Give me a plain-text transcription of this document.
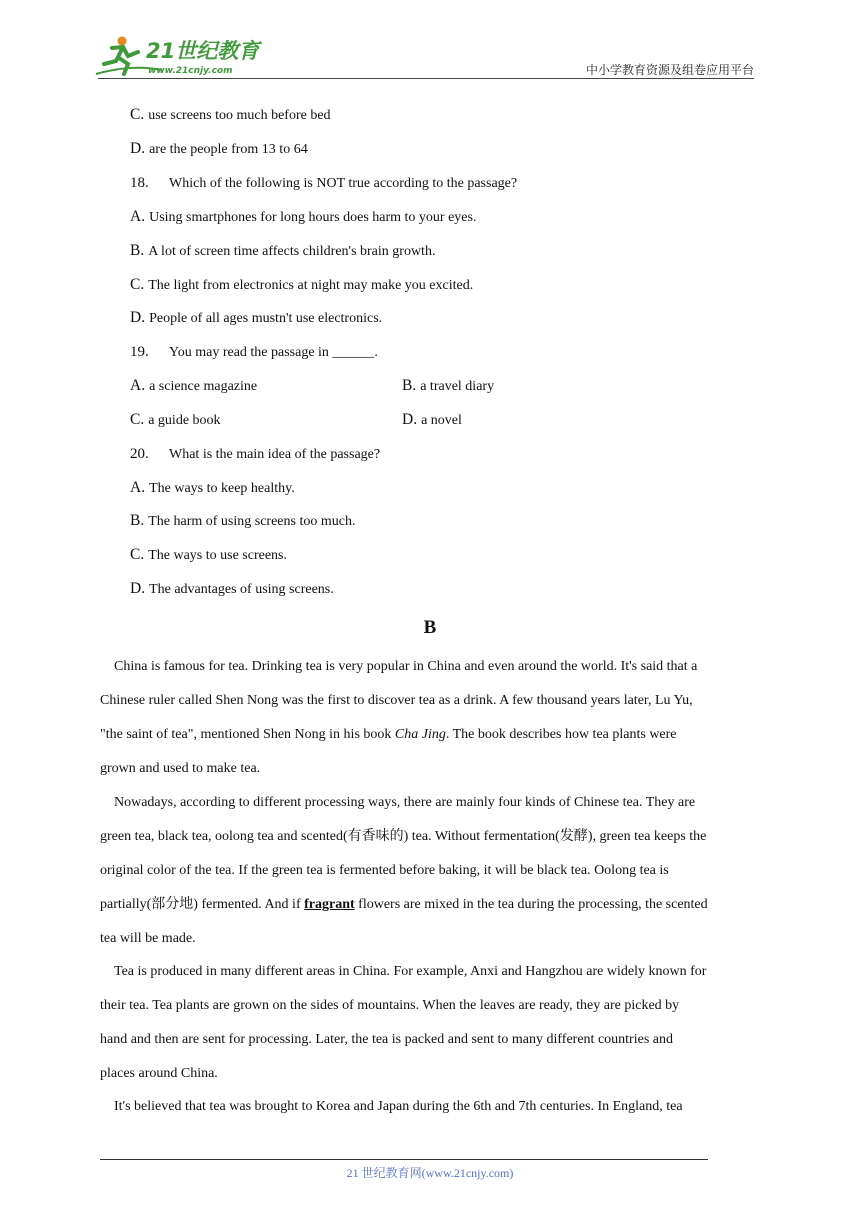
21世纪教育
www.21cnjy.com	中小学教育资源及组卷应用平台
C. use screens too much before bed
D. are the people from 13 to 64
18. Which of the following is NOT true according to the passage?
A. Using smartphones for long hours does harm to your eyes.
B. A lot of screen time affects children's brain growth.
C. The light from electronics at night may make you excited.
D. People of all ages mustn't use electronics.
19. You may read the passage in ______.
A. a science magazine	B. a travel diary
C. a guide book	D. a novel
20. What is the main idea of the passage?
A. The ways to keep healthy.
B. The harm of using screens too much.
C. The ways to use screens.
D. The advantages of using screens.
B
China is famous for tea. Drinking tea is very popular in China and even around the world. It's said that a
Chinese ruler called Shen Nong was the first to discover tea as a drink. A few thousand years later, Lu Yu,
"the saint of tea", mentioned Shen Nong in his book Cha Jing. The book describes how tea plants were
grown and used to make tea.
Nowadays, according to different processing ways, there are mainly four kinds of Chinese tea. They are
green tea, black tea, oolong tea and scented(有香味的) tea. Without fermentation(发酵), green tea keeps the
original color of the tea. If the green tea is fermented before baking, it will be black tea. Oolong tea is
partially(部分地) fermented. And if fragrant flowers are mixed in the tea during the processing, the scented
tea will be made.
Tea is produced in many different areas in China. For example, Anxi and Hangzhou are widely known for
their tea. Tea plants are grown on the sides of mountains. When the leaves are ready, they are picked by
hand and then are sent for processing. Later, the tea is packed and sent to many different countries and
places around China.
It's believed that tea was brought to Korea and Japan during the 6th and 7th centuries. In England, tea
21 世纪教育网(www.21cnjy.com)
